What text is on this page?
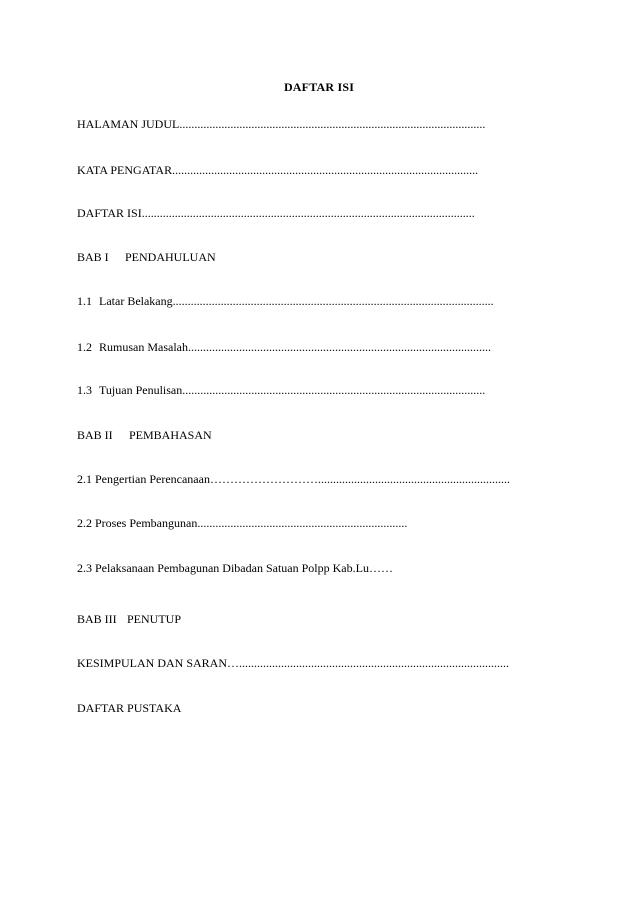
DAFTAR ISI
HALAMAN JUDUL......................................................................................................
KATA PENGATAR......................................................................................................
DAFTAR ISI...............................................................................................................
BAB I PENDAHULUAN
1.1 Latar Belakang...........................................................................................................
1.2 Rumusan Masalah.....................................................................................................
1.3 Tujuan Penulisan.....................................................................................................
BAB II PEMBAHASAN
2.1 Pengertian Perencanaan………………………................................................................
2.2 Proses Pembangunan......................................................................
2.3 Pelaksanaan Pembagunan Dibadan Satuan Polpp Kab.Lu……
BAB III PENUTUP
KESIMPULAN DAN SARAN…..........................................................................................
DAFTAR PUSTAKA
